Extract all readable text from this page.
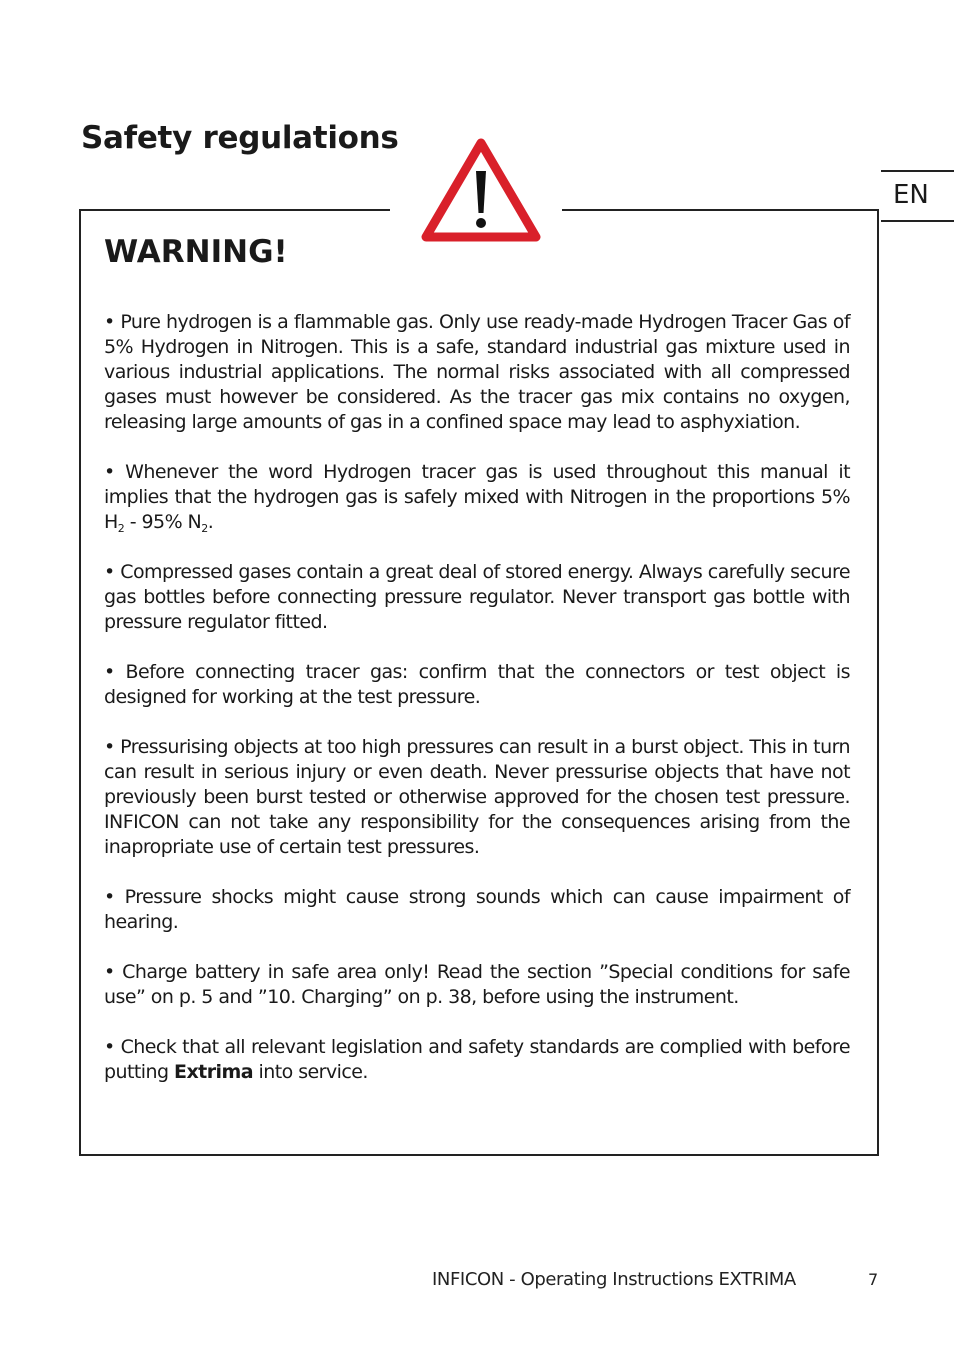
Safety regulations
EN
WARNING!
• Pure hydrogen is a flammable gas. Only use ready-made Hydrogen Tracer Gas of 5% Hydrogen in Nitrogen. This is a safe, standard industrial gas mixture used in various industrial applications. The normal risks associated with all compressed gases must however be considered. As the tracer gas mix contains no oxygen, releasing large amounts of gas in a confined space may lead to asphyxiation.
• Whenever the word Hydrogen tracer gas is used throughout this manual it implies that the hydrogen gas is safely mixed with Nitrogen in the proportions 5% $H_2 - 95\%$ $N_2$.
• Compressed gases contain a great deal of stored energy. Always carefully secure gas bottles before connecting pressure regulator. Never transport gas bottle with pressure regulator fitted.
• Before connecting tracer gas: confirm that the connectors or test object is designed for working at the test pressure.
• Pressurising objects at too high pressures can result in a burst object. This in turn can result in serious injury or even death. Never pressurise objects that have not previously been burst tested or otherwise approved for the chosen test pressure. INFICON can not take any responsibility for the consequences arising from the inapropriate use of certain test pressures.
• Pressure shocks might cause strong sounds which can cause impairment of hearing.
• Charge battery in safe area only! Read the section ”Special conditions for safe use” on p. 5 and ”10. Charging” on p. 38, before using the instrument.
• Check that all relevant legislation and safety standards are complied with before putting Extrima into service.
INFICON - Operating Instructions EXTRIMA	7
